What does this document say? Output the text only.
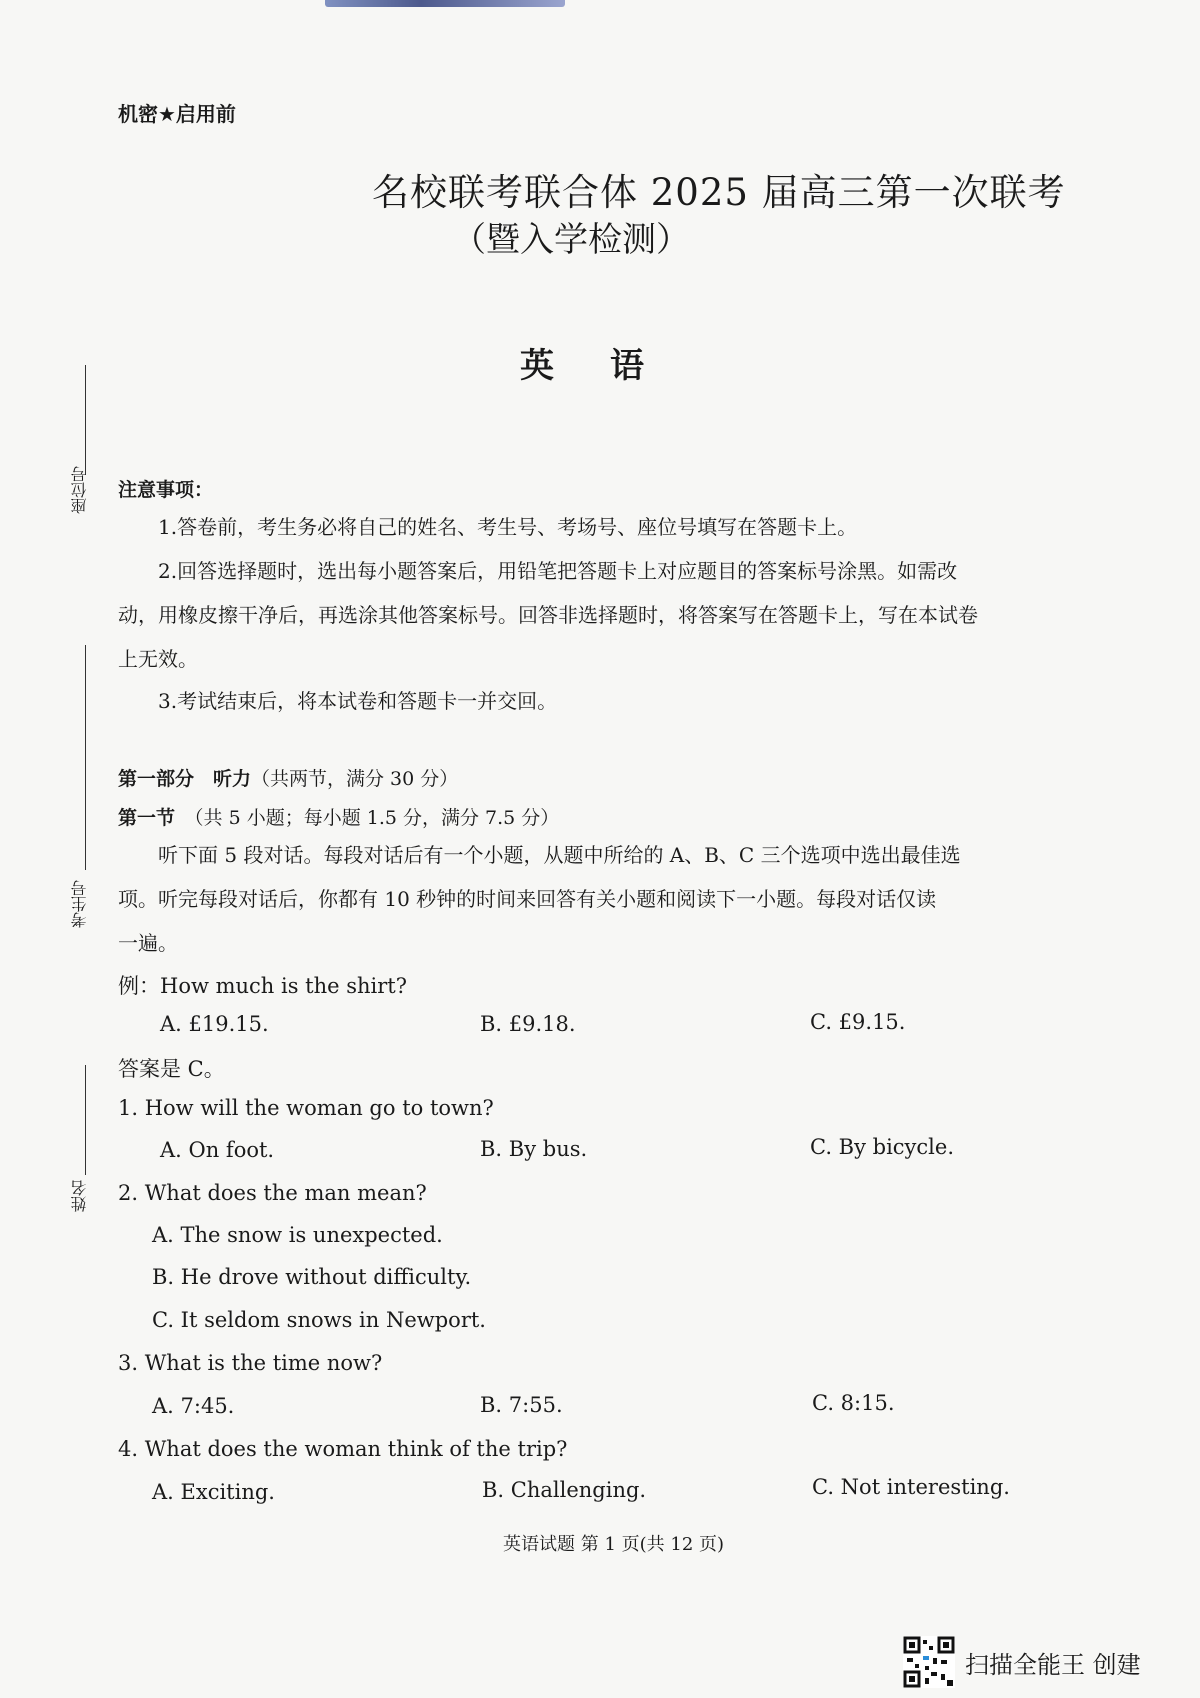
机密★启用前
名校联考联合体 2025 届高三第一次联考
（暨入学检测）
英语
座位号
考生号
姓名
注意事项：
1.答卷前，考生务必将自己的姓名、考生号、考场号、座位号填写在答题卡上。
2.回答选择题时，选出每小题答案后，用铅笔把答题卡上对应题目的答案标号涂黑。如需改
动，用橡皮擦干净后，再选涂其他答案标号。回答非选择题时，将答案写在答题卡上，写在本试卷
上无效。
3.考试结束后，将本试卷和答题卡一并交回。
第一部分　听力（共两节，满分 30 分）
第一节　 （共 5 小题；每小题 1.5 分，满分 7.5 分）
听下面 5 段对话。每段对话后有一个小题，从题中所给的 A、B、C 三个选项中选出最佳选
项。听完每段对话后，你都有 10 秒钟的时间来回答有关小题和阅读下一小题。每段对话仅读
一遍。
例：How much is the shirt?
A. £19.15.	B. £9.18.	C. £9.15.
答案是 C。
1. How will the woman go to town?
A. On foot.	B. By bus.	C. By bicycle.
2. What does the man mean?
A. The snow is unexpected.
B. He drove without difficulty.
C. It seldom snows in Newport.
3. What is the time now?
A. 7:45.	B. 7:55.	C. 8:15.
4. What does the woman think of the trip?
A. Exciting.	B. Challenging.	C. Not interesting.
英语试题 第 1 页(共 12 页)
扫描全能王 创建
